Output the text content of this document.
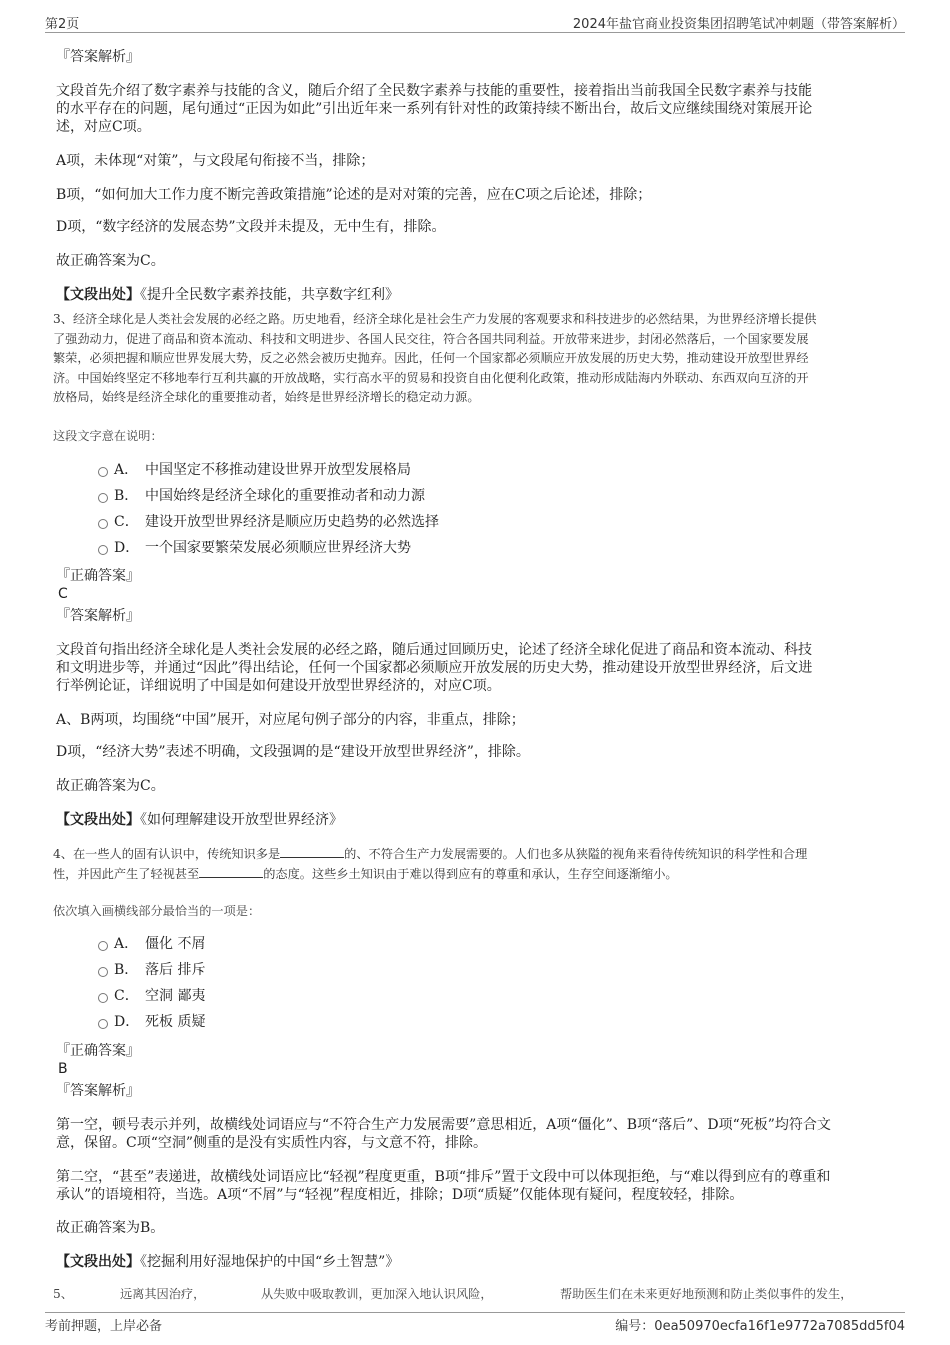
第2页	2024年盐官商业投资集团招聘笔试冲刺题（带答案解析）

『答案解析』

文段首先介绍了数字素养与技能的含义，随后介绍了全民数字素养与技能的重要性，接着指出当前我国全民数字素养与技能

的水平存在的问题，尾句通过“正因为如此”引出近年来一系列有针对性的政策持续不断出台，故后文应继续围绕对策展开论

述，对应C项。

A项，未体现“对策”，与文段尾句衔接不当，排除；

B项，“如何加大工作力度不断完善政策措施”论述的是对对策的完善，应在C项之后论述，排除；

D项，“数字经济的发展态势”文段并未提及，无中生有，排除。

故正确答案为C。

【文段出处】《提升全民数字素养技能，共享数字红利》

3、经济全球化是人类社会发展的必经之路。历史地看，经济全球化是社会生产力发展的客观要求和科技进步的必然结果，为世界经济增长提供

了强劲动力，促进了商品和资本流动、科技和文明进步、各国人民交往，符合各国共同利益。开放带来进步，封闭必然落后，一个国家要发展

繁荣，必须把握和顺应世界发展大势，反之必然会被历史抛弃。因此，任何一个国家都必须顺应开放发展的历史大势，推动建设开放型世界经

济。中国始终坚定不移地奉行互利共赢的开放战略，实行高水平的贸易和投资自由化便利化政策，推动形成陆海内外联动、东西双向互济的开

放格局，始终是经济全球化的重要推动者，始终是世界经济增长的稳定动力源。

这段文字意在说明：

A． 中国坚定不移推动建设世界开放型发展格局
B． 中国始终是经济全球化的重要推动者和动力源
C． 建设开放型世界经济是顺应历史趋势的必然选择
D． 一个国家要繁荣发展必须顺应世界经济大势

『正确答案』

C

『答案解析』

文段首句指出经济全球化是人类社会发展的必经之路，随后通过回顾历史，论述了经济全球化促进了商品和资本流动、科技

和文明进步等，并通过“因此”得出结论，任何一个国家都必须顺应开放发展的历史大势，推动建设开放型世界经济，后文进

行举例论证，详细说明了中国是如何建设开放型世界经济的，对应C项。

A、B两项，均围绕“中国”展开，对应尾句例子部分的内容，非重点，排除；

D项，“经济大势”表述不明确，文段强调的是“建设开放型世界经济”，排除。

故正确答案为C。

【文段出处】《如何理解建设开放型世界经济》

4、在一些人的固有认识中，传统知识多是	的、不符合生产力发展需要的。人们也多从狭隘的视角来看待传统知识的科学性和合理

性，并因此产生了轻视甚至	的态度。这些乡土知识由于难以得到应有的尊重和承认，生存空间逐渐缩小。

依次填入画横线部分最恰当的一项是：

A． 僵化 不屑
B． 落后 排斥
C． 空洞 鄙夷
D． 死板 质疑

『正确答案』

B

『答案解析』

第一空，顿号表示并列，故横线处词语应与“不符合生产力发展需要”意思相近，A项“僵化”、B项“落后”、D项“死板”均符合文

意，保留。C项“空洞”侧重的是没有实质性内容，与文意不符，排除。

第二空，“甚至”表递进，故横线处词语应比“轻视”程度更重，B项“排斥”置于文段中可以体现拒绝，与“难以得到应有的尊重和

承认”的语境相符，当选。A项“不屑”与“轻视”程度相近，排除；D项“质疑”仅能体现有疑问，程度较轻，排除。

故正确答案为B。

【文段出处】《挖掘利用好湿地保护的中国“乡土智慧”》

5、	远离其因治疗，	从失败中吸取教训，更加深入地认识风险，	帮助医生们在未来更好地预测和防止类似事件的发生，
考前押题，上岸必备	编号：0ea50970ecfa16f1e9772a7085dd5f04
